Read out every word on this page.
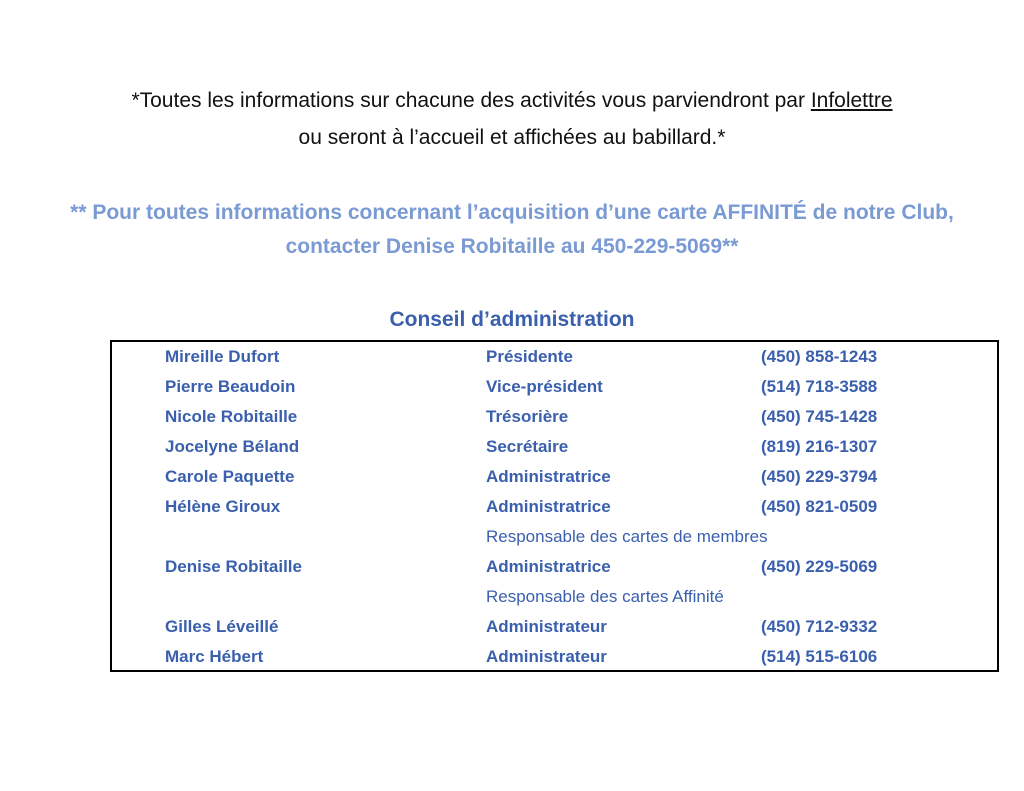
*Toutes les informations sur chacune des activités vous parviendront par Infolettre
ou seront à l’accueil et affichées au babillard.*
** Pour toutes informations concernant l’acquisition d’une carte AFFINITÉ de notre Club,
contacter Denise Robitaille au 450-229-5069**
Conseil d’administration
Mireille Dufort	Présidente	(450) 858-1243
Pierre Beaudoin	Vice-président	(514) 718-3588
Nicole Robitaille	Trésorière	(450) 745-1428
Jocelyne Béland	Secrétaire	(819) 216-1307
Carole Paquette	Administratrice	(450) 229-3794
Hélène Giroux	Administratrice	(450) 821-0509
Responsable des cartes de membres
Denise Robitaille	Administratrice	(450) 229-5069
Responsable des cartes Affinité
Gilles Léveillé	Administrateur	(450) 712-9332
Marc Hébert	Administrateur	(514) 515-6106
